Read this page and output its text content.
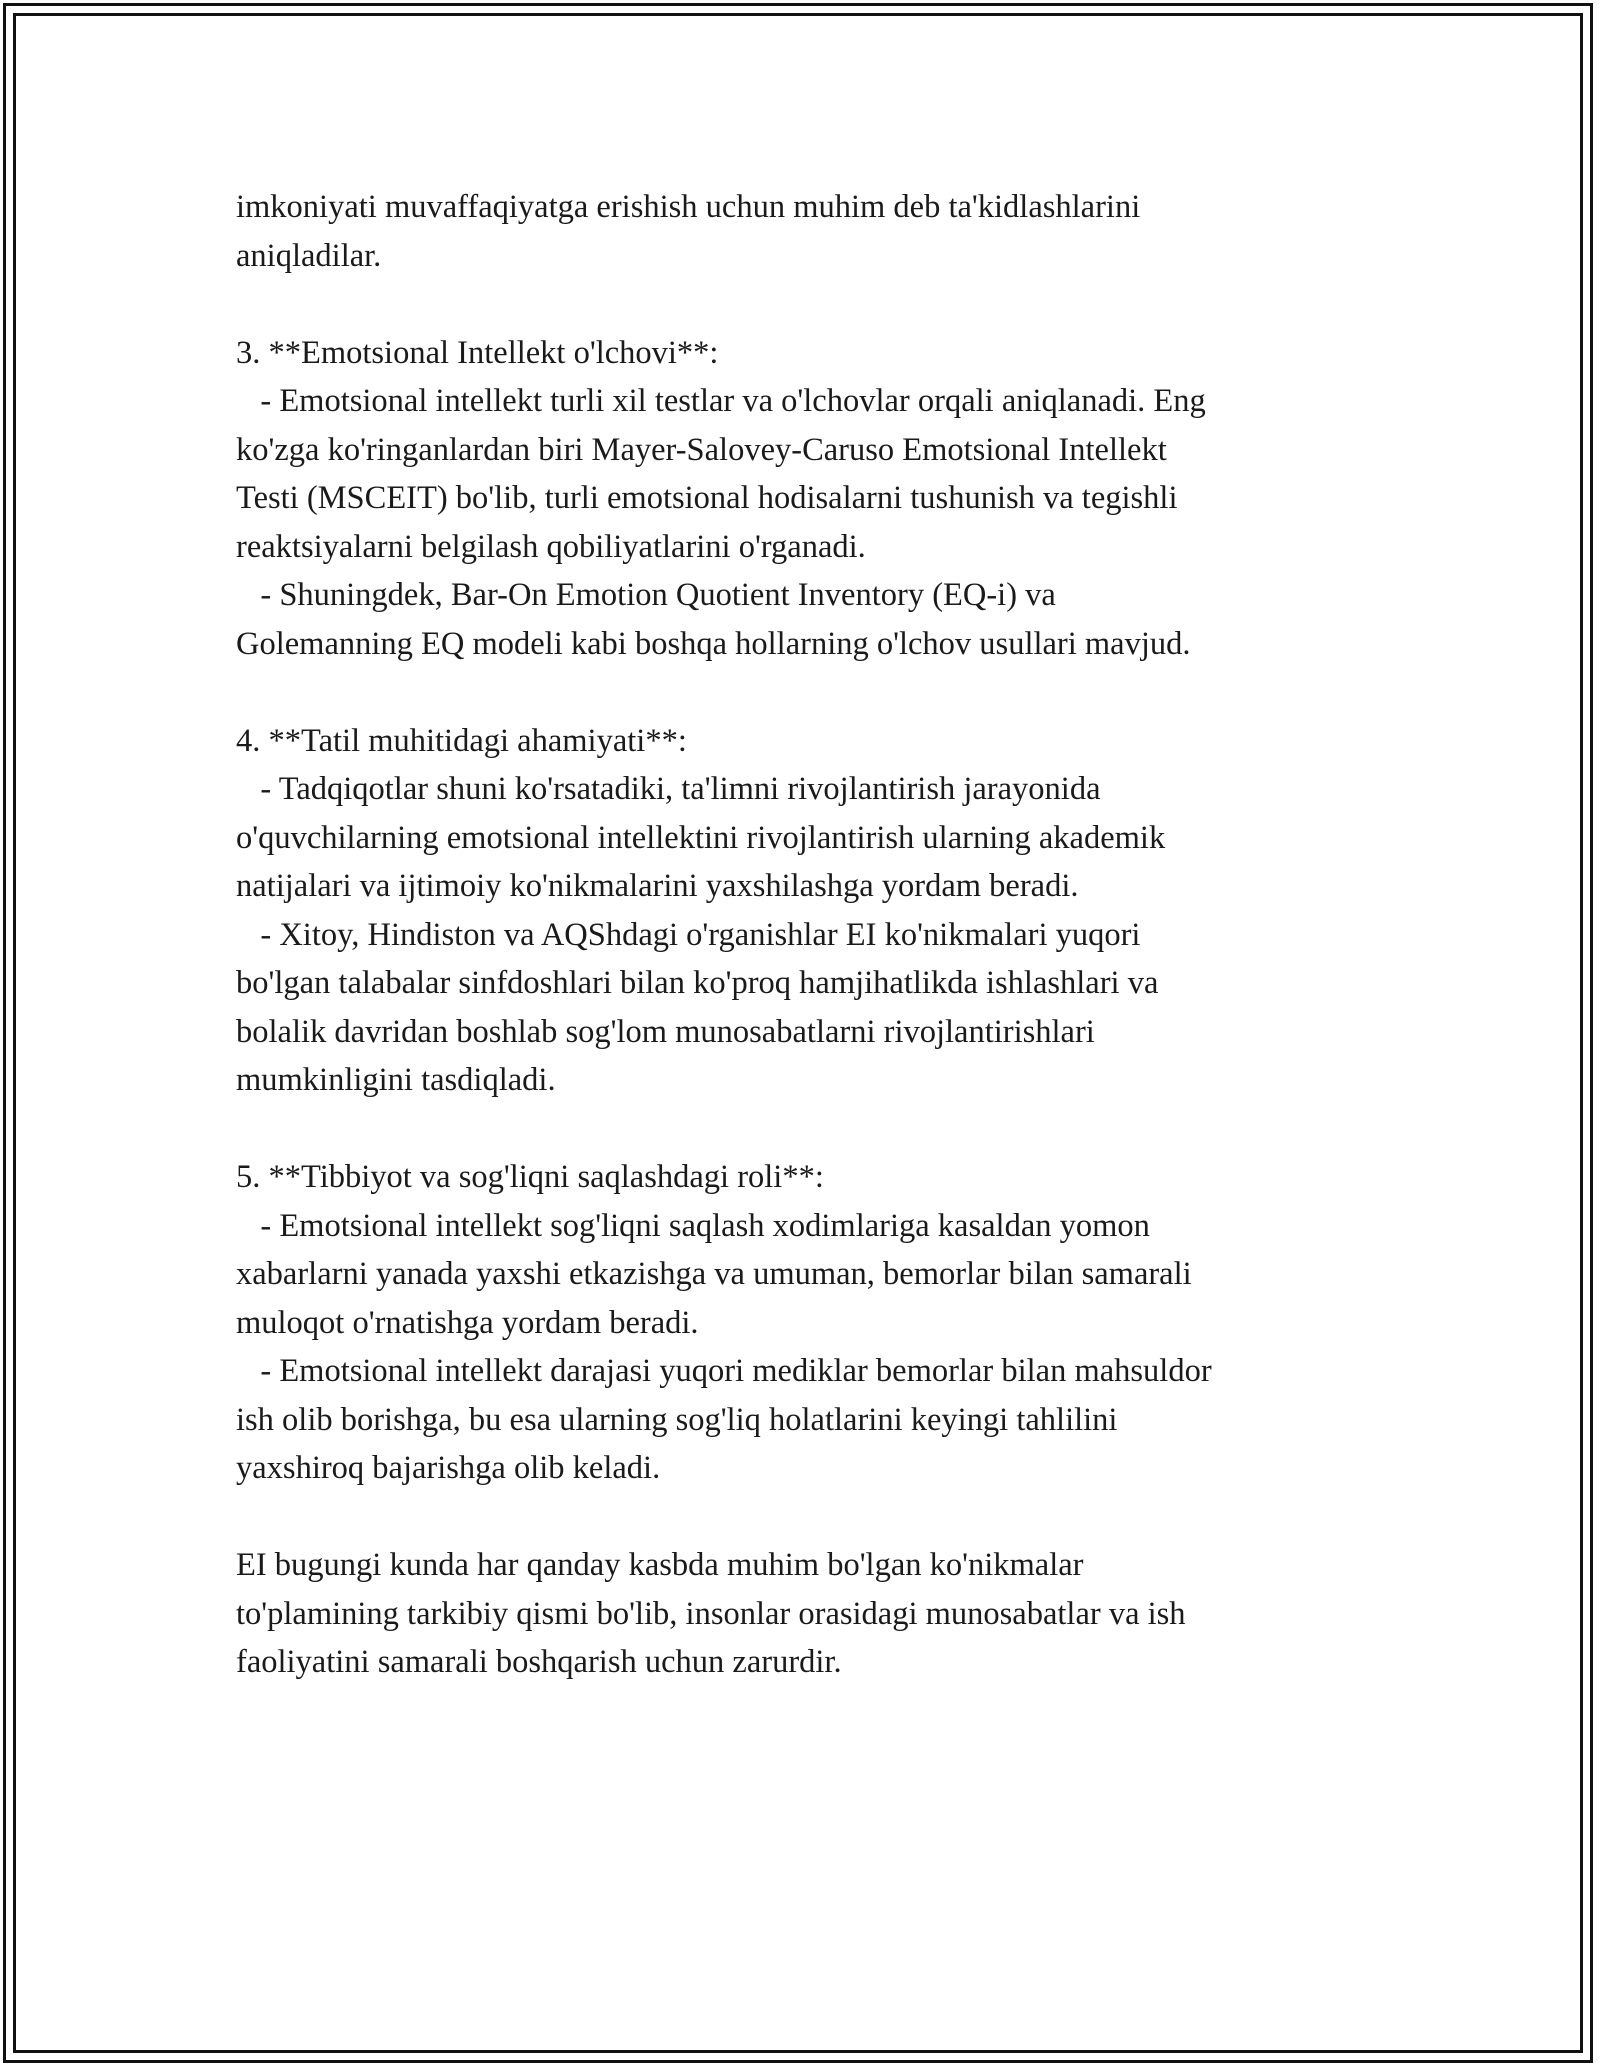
imkoniyati muvaffaqiyatga erishish uchun muhim deb ta'kidlashlarini
aniqladilar.
3. **Emotsional Intellekt o'lchovi**:
- Emotsional intellekt turli xil testlar va o'lchovlar orqali aniqlanadi. Eng
ko'zga ko'ringanlardan biri Mayer-Salovey-Caruso Emotsional Intellekt
Testi (MSCEIT) bo'lib, turli emotsional hodisalarni tushunish va tegishli
reaktsiyalarni belgilash qobiliyatlarini o'rganadi.
- Shuningdek, Bar-On Emotion Quotient Inventory (EQ-i) va
Golemanning EQ modeli kabi boshqa hollarning o'lchov usullari mavjud.
4. **Tatil muhitidagi ahamiyati**:
- Tadqiqotlar shuni ko'rsatadiki, ta'limni rivojlantirish jarayonida
o'quvchilarning emotsional intellektini rivojlantirish ularning akademik
natijalari va ijtimoiy ko'nikmalarini yaxshilashga yordam beradi.
- Xitoy, Hindiston va AQShdagi o'rganishlar EI ko'nikmalari yuqori
bo'lgan talabalar sinfdoshlari bilan ko'proq hamjihatlikda ishlashlari va
bolalik davridan boshlab sog'lom munosabatlarni rivojlantirishlari
mumkinligini tasdiqladi.
5. **Tibbiyot va sog'liqni saqlashdagi roli**:
- Emotsional intellekt sog'liqni saqlash xodimlariga kasaldan yomon
xabarlarni yanada yaxshi etkazishga va umuman, bemorlar bilan samarali
muloqot o'rnatishga yordam beradi.
- Emotsional intellekt darajasi yuqori mediklar bemorlar bilan mahsuldor
ish olib borishga, bu esa ularning sog'liq holatlarini keyingi tahlilini
yaxshiroq bajarishga olib keladi.
EI bugungi kunda har qanday kasbda muhim bo'lgan ko'nikmalar
to'plamining tarkibiy qismi bo'lib, insonlar orasidagi munosabatlar va ish
faoliyatini samarali boshqarish uchun zarurdir.
